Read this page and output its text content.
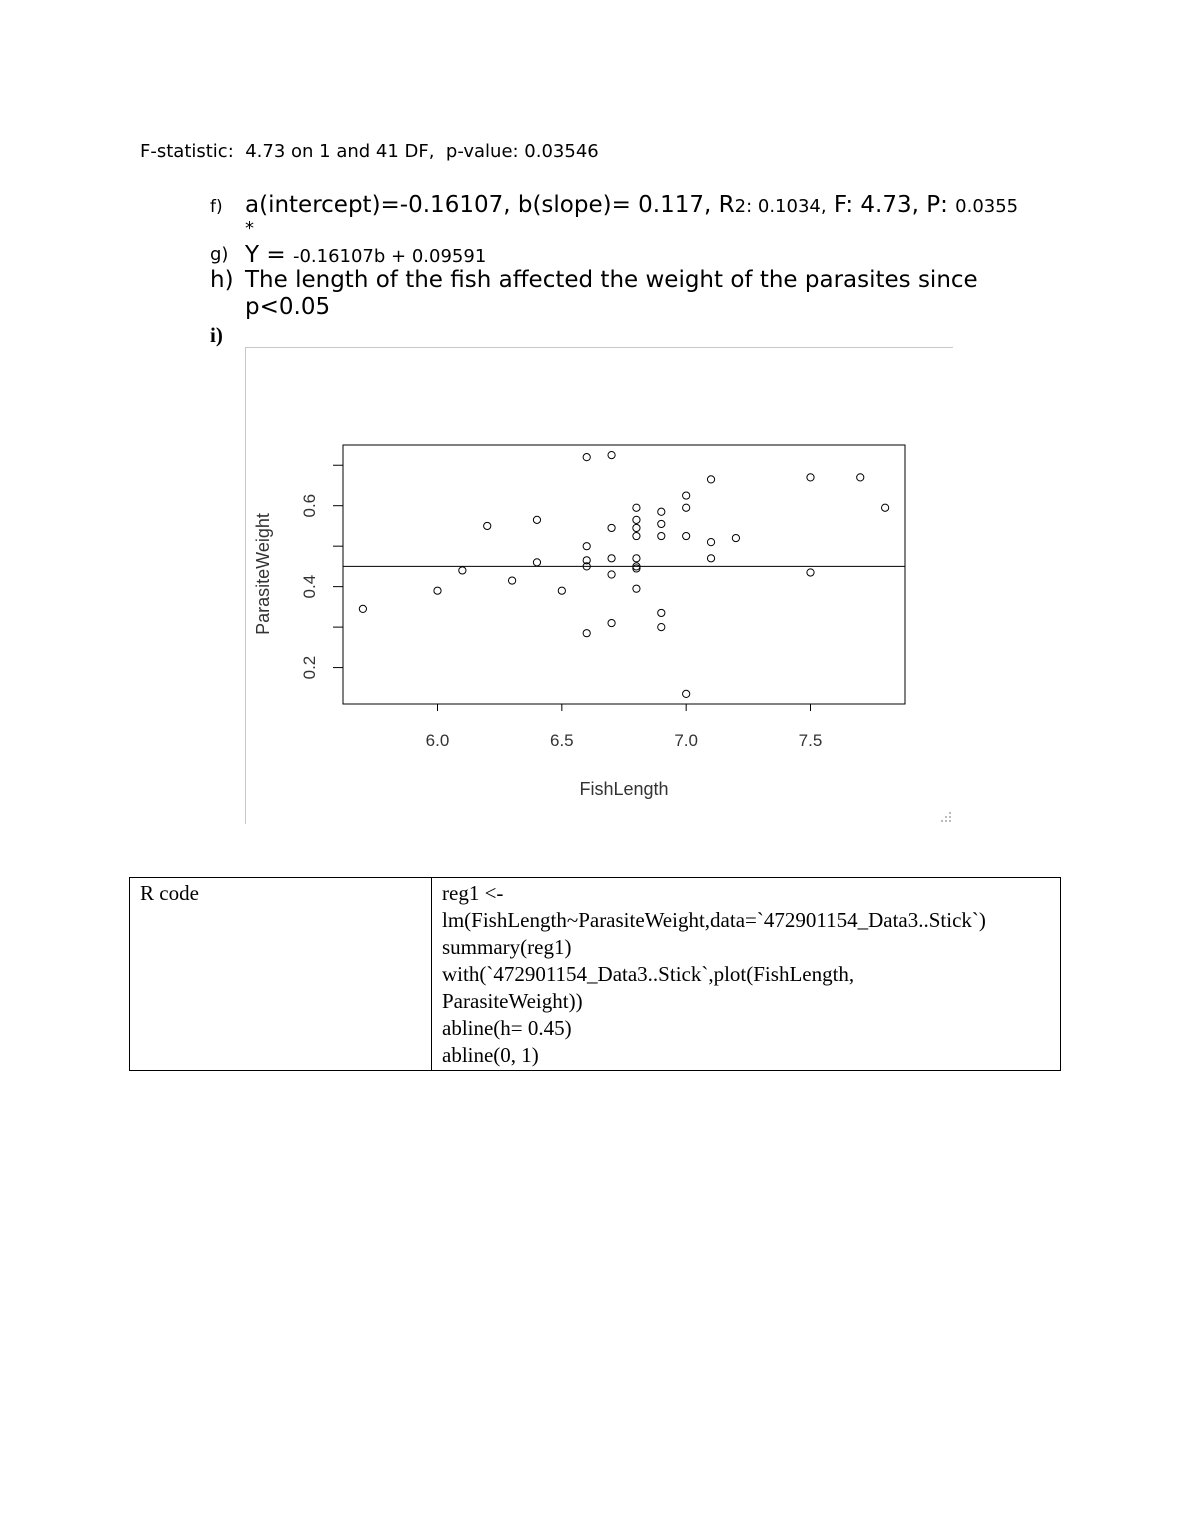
F-statistic:  4.73 on 1 and 41 DF,  p-value: 0.03546
f) a(intercept)=-0.16107, b(slope)= 0.117, R2: 0.1034, F: 4.73, P: 0.0355
*
g) Y = -0.16107b + 0.09591
h) The length of the fish affected the weight of the parasites since p<0.05
i)
6.0	6.5	7.0	7.5
0.2
0.4
0.6
FishLength
ParasiteWeight
R code	reg1 <-
lm(FishLength~ParasiteWeight,data=`472901154_Data3..Stick`)
summary(reg1)
with(`472901154_Data3..Stick`,plot(FishLength,
ParasiteWeight))
abline(h= 0.45)
abline(0, 1)
